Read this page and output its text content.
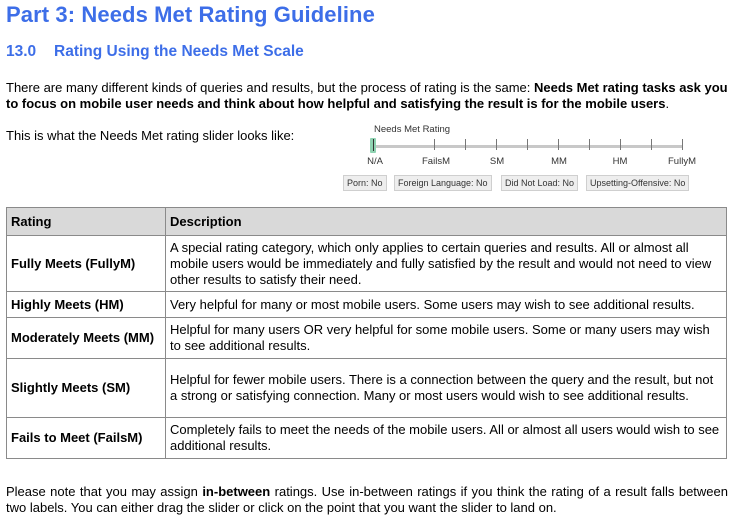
Part 3: Needs Met Rating Guideline
13.0 Rating Using the Needs Met Scale
There are many different kinds of queries and results, but the process of rating is the same: Needs Met rating tasks ask you to focus on mobile user needs and think about how helpful and satisfying the result is for the mobile users.
This is what the Needs Met rating slider looks like:	Needs Met Rating
N/A	FailsM	SM	MM	HM	FullyM
Porn: No	Foreign Language: No	Did Not Load: No	Upsetting-Offensive: No
Rating	Description
Fully Meets (FullyM)	A special rating category, which only applies to certain queries and results. All or almost all mobile users would be immediately and fully satisfied by the result and would not need to view other results to satisfy their need.
Highly Meets (HM)	Very helpful for many or most mobile users. Some users may wish to see additional results.
Moderately Meets (MM)	Helpful for many users OR very helpful for some mobile users. Some or many users may wish to see additional results.
Slightly Meets (SM)	Helpful for fewer mobile users. There is a connection between the query and the result, but not a strong or satisfying connection. Many or most users would wish to see additional results.
Fails to Meet (FailsM)	Completely fails to meet the needs of the mobile users. All or almost all users would wish to see additional results.
Please note that you may assign in-between ratings. Use in-between ratings if you think the rating of a result falls between two labels. You can either drag the slider or click on the point that you want the slider to land on.
